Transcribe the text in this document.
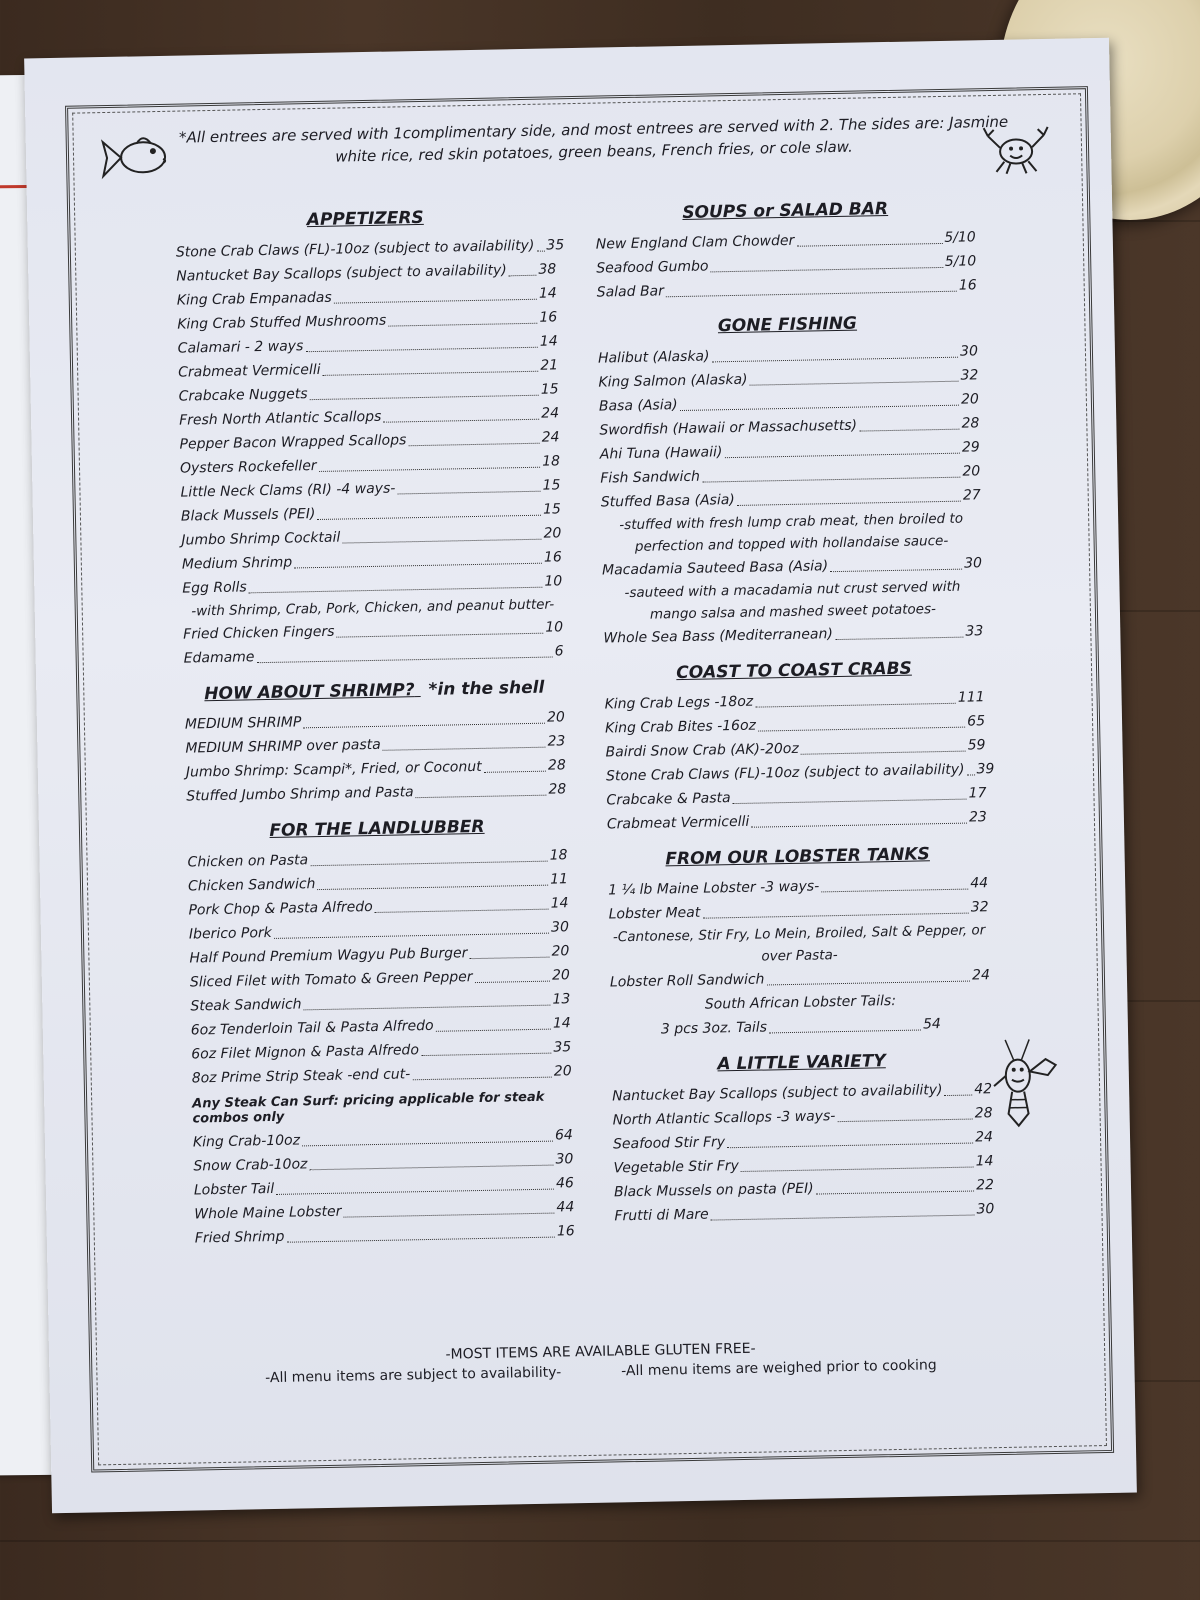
*All entrees are served with 1complimentary side, and most entrees are served with 2. The sides are: Jasmine white rice, red skin potatoes, green beans, French fries, or cole slaw.
APPETIZERS
Stone Crab Claws (FL)-10oz (subject to availability) 35
Nantucket Bay Scallops (subject to availability) 38
King Crab Empanadas	14
King Crab Stuffed Mushrooms	16
Calamari - 2 ways	14
Crabmeat Vermicelli	21
Crabcake Nuggets	15
Fresh North Atlantic Scallops	24
Pepper Bacon Wrapped Scallops	24
Oysters Rockefeller	18
Little Neck Clams (RI) -4 ways-	15
Black Mussels (PEI)	15
Jumbo Shrimp Cocktail	20
Medium Shrimp	16
Egg Rolls	10
-with Shrimp, Crab, Pork, Chicken, and peanut butter-
Fried Chicken Fingers	10
Edamame	6
HOW ABOUT SHRIMP? *in the shell
MEDIUM SHRIMP	20
MEDIUM SHRIMP over pasta	23
Jumbo Shrimp: Scampi*, Fried, or Coconut	28
Stuffed Jumbo Shrimp and Pasta	28
FOR THE LANDLUBBER
Chicken on Pasta	18
Chicken Sandwich	11
Pork Chop & Pasta Alfredo	14
Iberico Pork	30
Half Pound Premium Wagyu Pub Burger	20
Sliced Filet with Tomato & Green Pepper	20
Steak Sandwich	13
6oz Tenderloin Tail & Pasta Alfredo	14
6oz Filet Mignon & Pasta Alfredo	35
8oz Prime Strip Steak -end cut-	20
Any Steak Can Surf: pricing applicable for steak combos only
King Crab-10oz	64
Snow Crab-10oz	30
Lobster Tail	46
Whole Maine Lobster	44
Fried Shrimp	16
SOUPS or SALAD BAR
New England Clam Chowder	5/10
Seafood Gumbo	5/10
Salad Bar	16
GONE FISHING
Halibut (Alaska)	30
King Salmon (Alaska)	32
Basa (Asia)	20
Swordfish (Hawaii or Massachusetts)	28
Ahi Tuna (Hawaii)	29
Fish Sandwich	20
Stuffed Basa (Asia)	27
-stuffed with fresh lump crab meat, then broiled to perfection and topped with hollandaise sauce-
Macadamia Sauteed Basa (Asia)	30
-sauteed with a macadamia nut crust served with mango salsa and mashed sweet potatoes-
Whole Sea Bass (Mediterranean)	33
COAST TO COAST CRABS
King Crab Legs -18oz	111
King Crab Bites -16oz	65
Bairdi Snow Crab (AK)-20oz	59
Stone Crab Claws (FL)-10oz (subject to availability) 39
Crabcake & Pasta	17
Crabmeat Vermicelli	23
FROM OUR LOBSTER TANKS
1 ¼ lb Maine Lobster -3 ways-	44
Lobster Meat	32
-Cantonese, Stir Fry, Lo Mein, Broiled, Salt & Pepper, or over Pasta-
Lobster Roll Sandwich	24
South African Lobster Tails:
3 pcs 3oz. Tails	54
A LITTLE VARIETY
Nantucket Bay Scallops (subject to availability) 42
North Atlantic Scallops -3 ways-	28
Seafood Stir Fry	24
Vegetable Stir Fry	14
Black Mussels on pasta (PEI)	22
Frutti di Mare	30
-MOST ITEMS ARE AVAILABLE GLUTEN FREE-
-All menu items are subject to availability-	-All menu items are weighed prior to cooking
